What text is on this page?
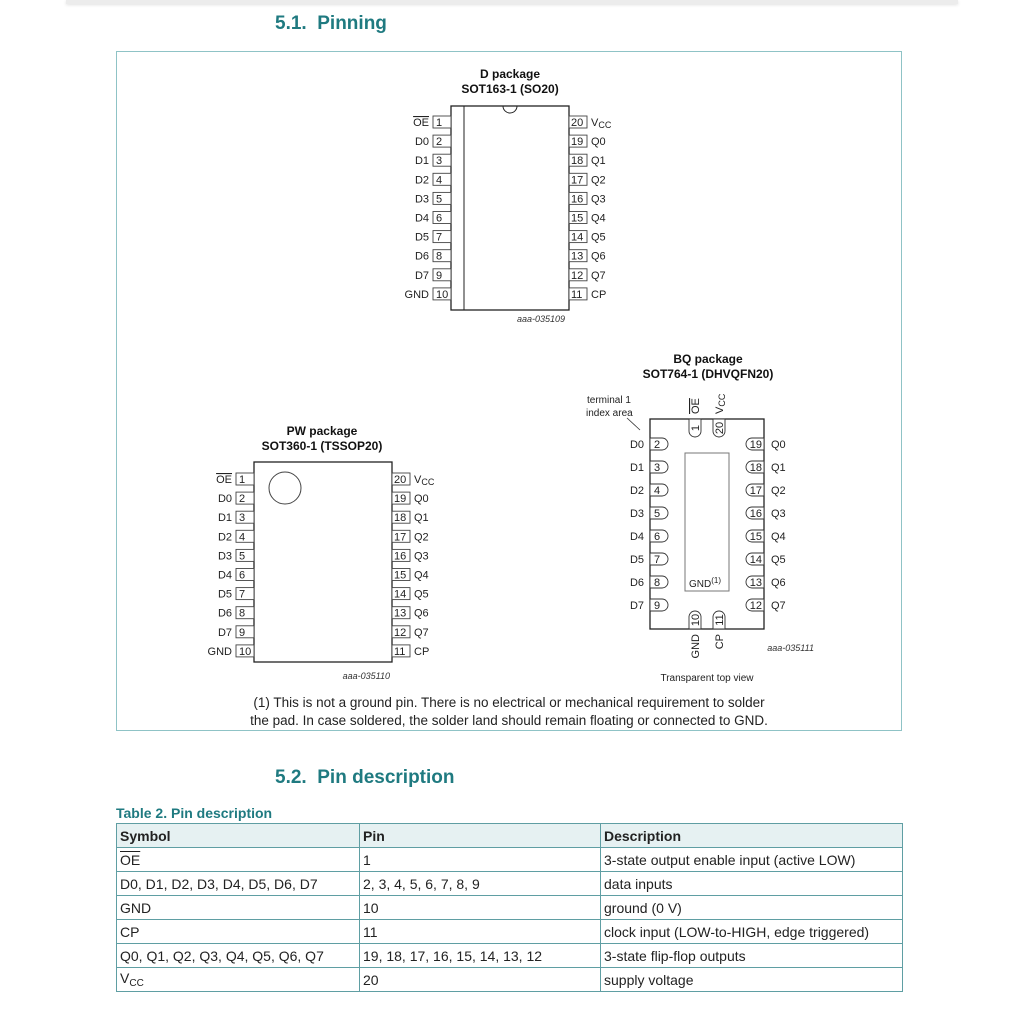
5.1.  Pinning
D package
SOT163-1 (SO20)
aaa-035109
1
OE
2
D0
3
D1
4
D2
5
D3
6
D4
7
D5
8
D6
9
D7
10
GND
20 VCC
19 Q0
18 Q1
17 Q2
16 Q3
15 Q4
14 Q5
13 Q6
12 Q7
11 CP
PW package
SOT360-1 (TSSOP20)
aaa-035110
1
OE
2
D0
3
D1
4
D2
5
D3
6
D4
7
D5
8
D6
9
D7
10
GND
20 VCC
19 Q0
18 Q1
17 Q2
16 Q3
15 Q4
14 Q5
13 Q6
12 Q7
11 CP
BQ package
SOT764-1 (DHVQFN20)
terminal 1
index area
GND$^{(1)}$
aaa-035111
Transparent top view
2
D0
3
D1
4
D2
5
D3
6
D4
7
D5
8
D6
9
D7
19 Q0
18 Q1
17 Q2
16 Q3
15 Q4
14 Q5
13 Q6
12 Q7
1
OE
20
VCC
10
GND
11
CP
(1) This is not a ground pin. There is no electrical or mechanical requirement to solder
the pad. In case soldered, the solder land should remain floating or connected to GND.
5.2.  Pin description
Table 2. Pin description
Symbol	Pin	Description
$\overline{OE}$	1	3-state output enable input (active LOW)
D0, D1, D2, D3, D4, D5, D6, D7	2, 3, 4, 5, 6, 7, 8, 9	data inputs
GND	10	ground (0 V)
CP	11	clock input (LOW-to-HIGH, edge triggered)
Q0, Q1, Q2, Q3, Q4, Q5, Q6, Q7	19, 18, 17, 16, 15, 14, 13, 12	3-state flip-flop outputs
$V_{CC}$	20	supply voltage
